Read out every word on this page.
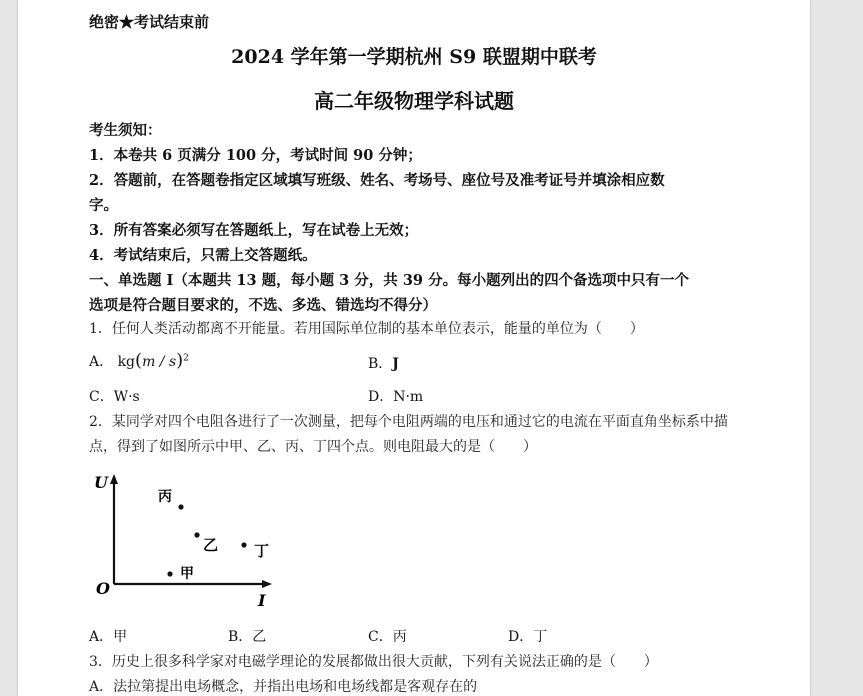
绝密★考试结束前
2024 学年第一学期杭州 S9 联盟期中联考
高二年级物理学科试题
考生须知：
1．本卷共 6 页满分 100 分，考试时间 90 分钟；
2．答题前，在答题卷指定区域填写班级、姓名、考场号、座位号及准考证号并填涂相应数
字。
3．所有答案必须写在答题纸上，写在试卷上无效；
4．考试结束后，只需上交答题纸。
一、单选题 I（本题共 13 题，每小题 3 分，共 39 分。每小题列出的四个备选项中只有一个
选项是符合题目要求的，不选、多选、错选均不得分）
1．任何人类活动都离不开能量。若用国际单位制的基本单位表示，能量的单位为（　　）
A． kg(m / s)$^2$	B．J
C．W·s	D．N·m
2．某同学对四个电阻各进行了一次测量，把每个电阻两端的电压和通过它的电流在平面直角坐标系中描
点，得到了如图所示中甲、乙、丙、丁四个点。则电阻最大的是（　　）
U
I
O
丙
乙 丁
甲
A．甲	B．乙	C．丙	D．丁
3．历史上很多科学家对电磁学理论的发展都做出很大贡献，下列有关说法正确的是（　　）
A．法拉第提出电场概念，并指出电场和电场线都是客观存在的
